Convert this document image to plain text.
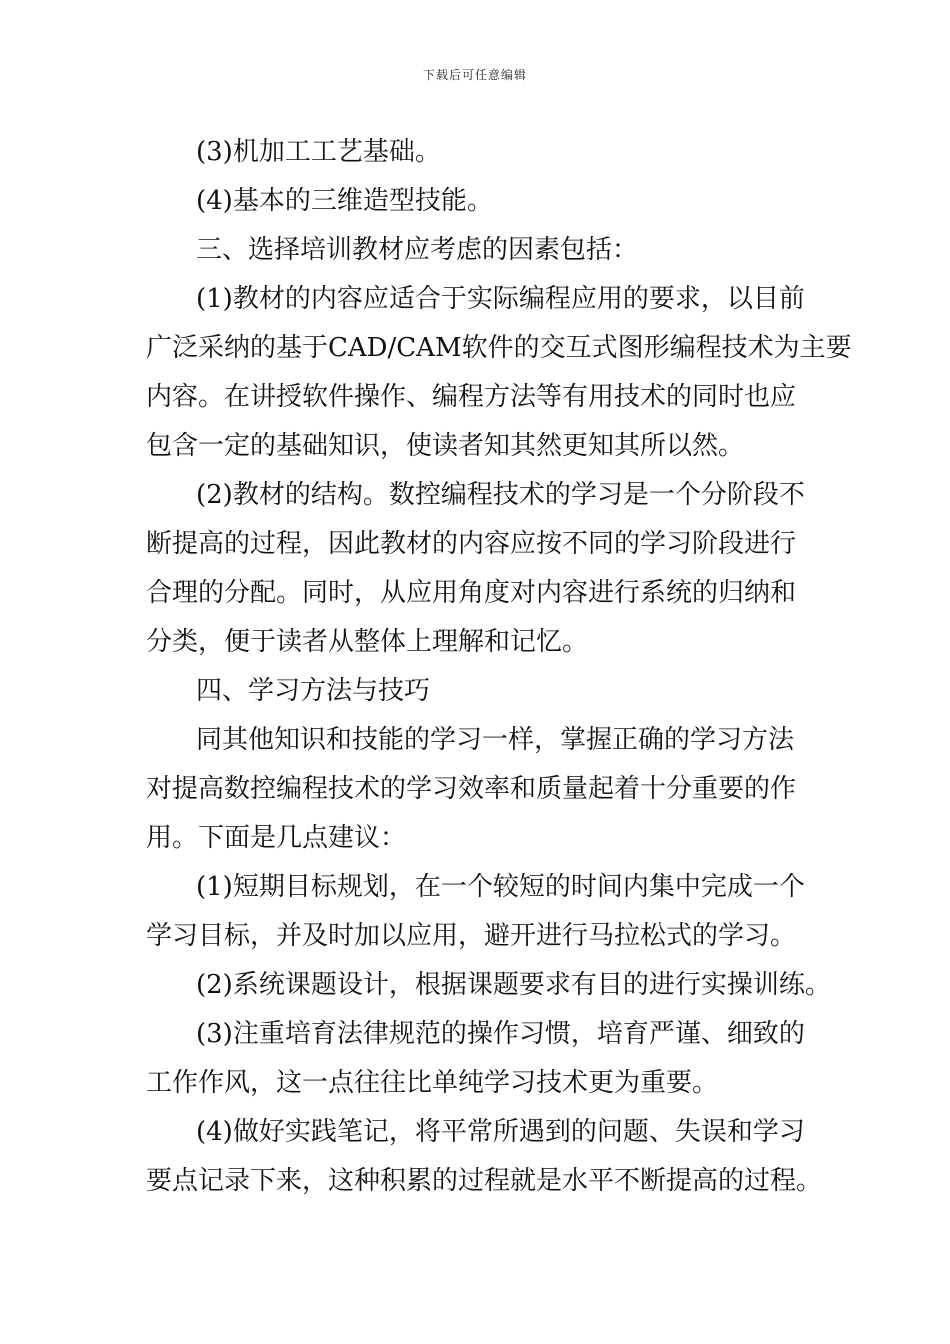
下载后可任意编辑
(3)机加工工艺基础。
(4)基本的三维造型技能。
三、选择培训教材应考虑的因素包括：
(1)教材的内容应适合于实际编程应用的要求，以目前
广泛采纳的基于CAD/CAM软件的交互式图形编程技术为主要
内容。在讲授软件操作、编程方法等有用技术的同时也应
包含一定的基础知识，使读者知其然更知其所以然。
(2)教材的结构。数控编程技术的学习是一个分阶段不
断提高的过程，因此教材的内容应按不同的学习阶段进行
合理的分配。同时，从应用角度对内容进行系统的归纳和
分类，便于读者从整体上理解和记忆。
四、学习方法与技巧
同其他知识和技能的学习一样，掌握正确的学习方法
对提高数控编程技术的学习效率和质量起着十分重要的作
用。下面是几点建议：
(1)短期目标规划，在一个较短的时间内集中完成一个
学习目标，并及时加以应用，避开进行马拉松式的学习。
(2)系统课题设计，根据课题要求有目的进行实操训练。
(3)注重培育法律规范的操作习惯，培育严谨、细致的
工作作风，这一点往往比单纯学习技术更为重要。
(4)做好实践笔记，将平常所遇到的问题、失误和学习
要点记录下来，这种积累的过程就是水平不断提高的过程。
